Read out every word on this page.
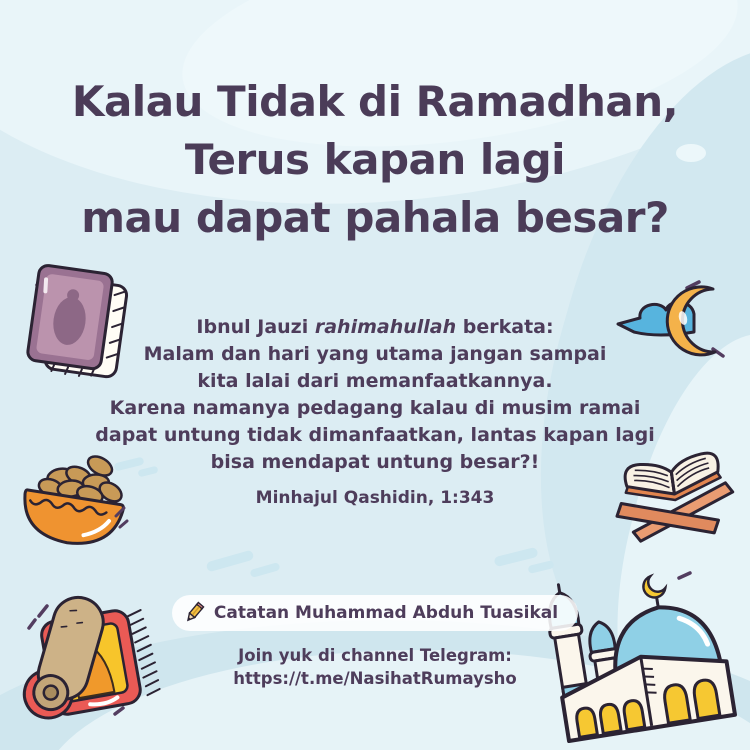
Kalau Tidak di Ramadhan,
Terus kapan lagi
mau dapat pahala besar?
Ibnul Jauzi rahimahullah berkata:
Malam dan hari yang utama jangan sampai
kita lalai dari memanfaatkannya.
Karena namanya pedagang kalau di musim ramai
dapat untung tidak dimanfaatkan, lantas kapan lagi
bisa mendapat untung besar?!
Minhajul Qashidin, 1:343
Catatan Muhammad Abduh Tuasikal
Join yuk di channel Telegram:
https://t.me/NasihatRumaysho
